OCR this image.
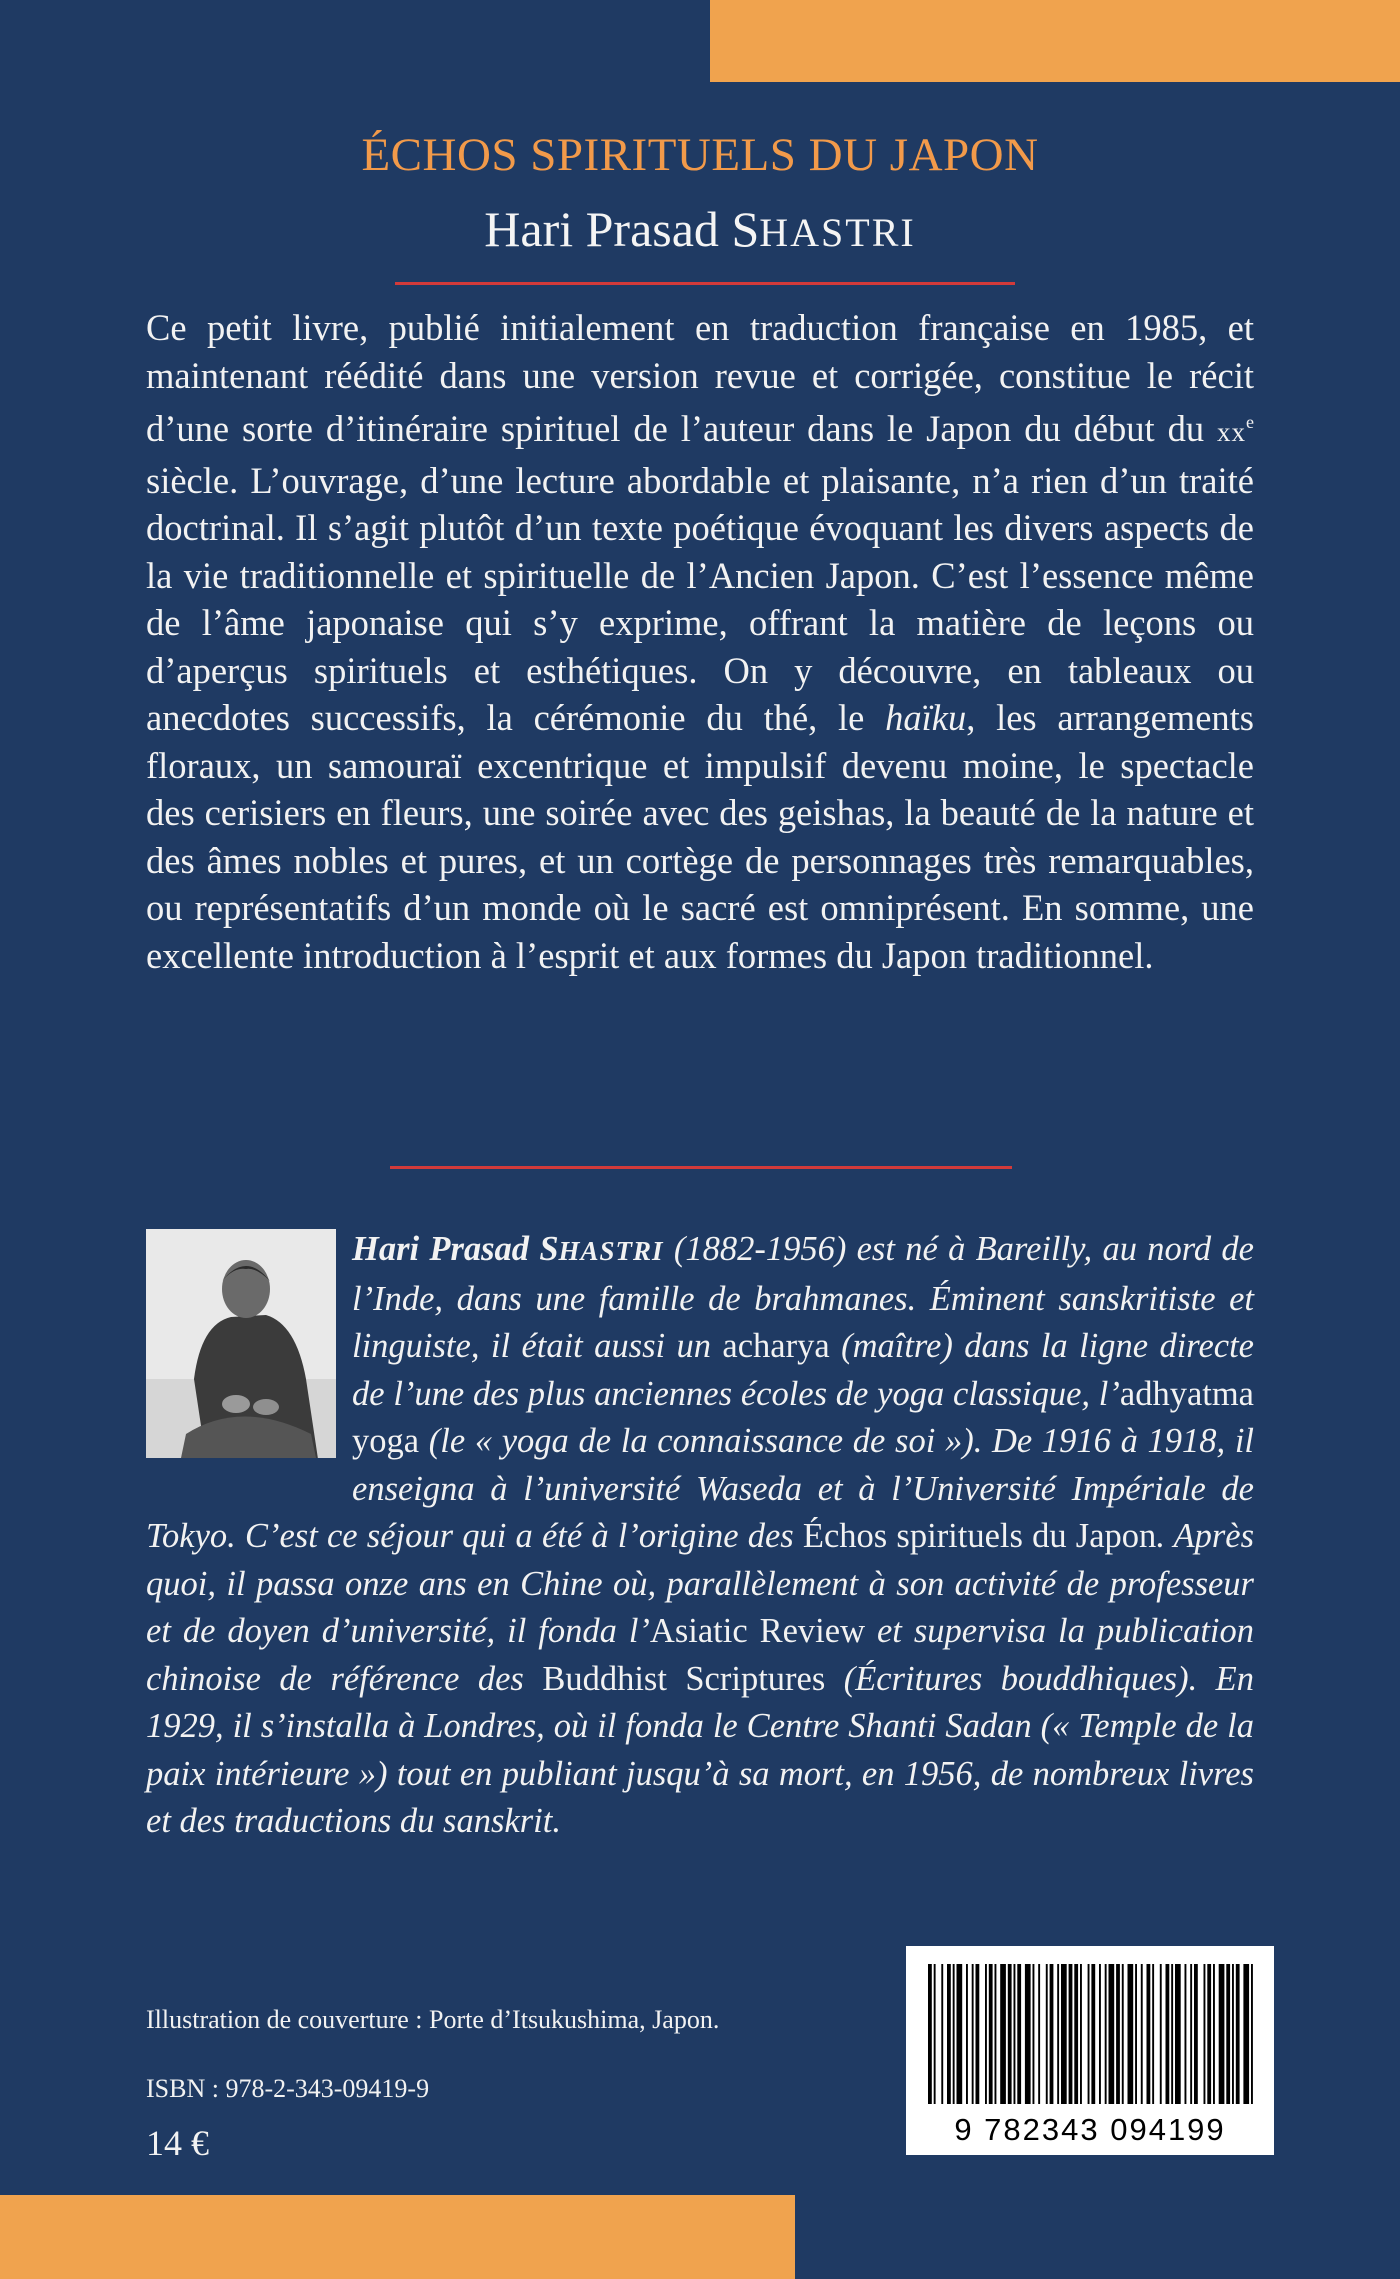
ÉCHOS SPIRITUELS DU JAPON
Hari Prasad SHASTRI
Ce petit livre, publié initialement en traduction française en 1985, et maintenant réédité dans une version revue et corrigée, constitue le récit d’une sorte d’itinéraire spirituel de l’auteur dans le Japon du début du $xx^e$ siècle. L’ouvrage, d’une lecture abordable et plaisante, n’a rien d’un traité doctrinal. Il s’agit plutôt d’un texte poétique évoquant les divers aspects de la vie traditionnelle et spirituelle de l’Ancien Japon. C’est l’essence même de l’âme japonaise qui s’y exprime, offrant la matière de leçons ou d’aperçus spirituels et esthétiques. On y découvre, en tableaux ou anecdotes successifs, la cérémonie du thé, le haïku, les arrangements floraux, un samouraï excentrique et impulsif devenu moine, le spectacle des cerisiers en fleurs, une soirée avec des geishas, la beauté de la nature et des âmes nobles et pures, et un cortège de personnages très remarquables, ou représentatifs d’un monde où le sacré est omniprésent. En somme, une excellente introduction à l’esprit et aux formes du Japon traditionnel.
Hari Prasad SHASTRI (1882-1956) est né à Bareilly, au nord de l’Inde, dans une famille de brahmanes. Éminent sanskritiste et linguiste, il était aussi un acharya (maître) dans la ligne directe de l’une des plus anciennes écoles de yoga classique, l’adhyatma yoga (le « yoga de la connaissance de soi »). De 1916 à 1918, il enseigna à l’université Waseda et à l’Université Impériale de Tokyo. C’est ce séjour qui a été à l’origine des Échos spirituels du Japon. Après quoi, il passa onze ans en Chine où, parallèlement à son activité de professeur et de doyen d’université, il fonda l’Asiatic Review et supervisa la publication chinoise de référence des Buddhist Scriptures (Écritures bouddhiques). En 1929, il s’installa à Londres, où il fonda le Centre Shanti Sadan (« Temple de la paix intérieure ») tout en publiant jusqu’à sa mort, en 1956, de nombreux livres et des traductions du sanskrit.
Illustration de couverture : Porte d’Itsukushima, Japon.
ISBN : 978-2-343-09419-9
14 €	9 782343 094199
